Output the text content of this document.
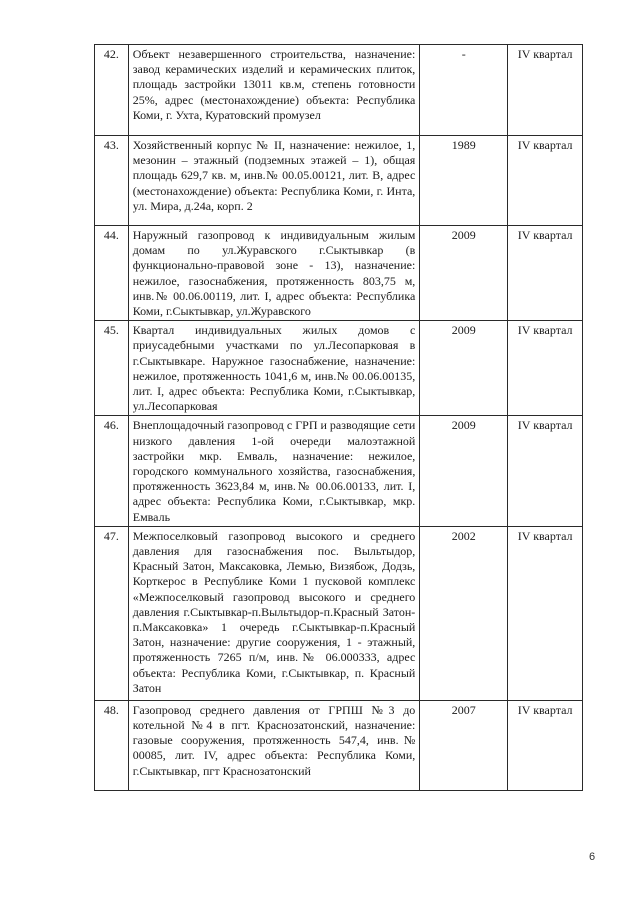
42.	Объект незавершенного строительства, назначение: завод керамических изделий и керамических плиток, площадь застройки 13011 кв.м, степень готовности 25%, адрес (местонахождение) объекта: Республика Коми, г. Ухта, Куратовский промузел	-	IV квартал
43.	Хозяйственный корпус № II, назначение: нежилое, 1, мезонин – этажный (подземных этажей – 1), общая площадь 629,7 кв. м, инв.№ 00.05.00121, лит. В, адрес (местонахождение) объекта: Республика Коми, г. Инта, ул. Мира, д.24а, корп. 2	1989	IV квартал
44.	Наружный газопровод к индивидуальным жилым домам по ул.Журавского г.Сыктывкар (в функционально-правовой зоне - 13), назначение: нежилое, газоснабжения, протяженность 803,75 м, инв.№ 00.06.00119, лит. I, адрес объекта: Республика Коми, г.Сыктывкар, ул.Журавского	2009	IV квартал
45.	Квартал индивидуальных жилых домов с приусадебными участками по ул.Лесопарковая в г.Сыктывкаре. Наружное газоснабжение, назначение: нежилое, протяженность 1041,6 м, инв.№ 00.06.00135, лит. I, адрес объекта: Республика Коми, г.Сыктывкар, ул.Лесопарковая	2009	IV квартал
46.	Внеплощадочный газопровод с ГРП и разводящие сети низкого давления 1-ой очереди малоэтажной застройки мкр. Емваль, назначение: нежилое, городского коммунального хозяйства, газоснабжения, протяженность 3623,84 м, инв.№ 00.06.00133, лит. I, адрес объекта: Республика Коми, г.Сыктывкар, мкр. Емваль	2009	IV квартал
47.	Межпоселковый газопровод высокого и среднего давления для газоснабжения пос. Выльтыдор, Красный Затон, Максаковка, Лемью, Визябож, Додзь, Корткерос в Республике Коми 1 пусковой комплекс «Межпоселковый газопровод высокого и среднего давления г.Сыктывкар-п.Выльтыдор-п.Красный Затон-п.Максаковка» 1 очередь г.Сыктывкар-п.Красный Затон, назначение: другие сооружения, 1 - этажный, протяженность 7265 п/м, инв.№ 06.000333, адрес объекта: Республика Коми, г.Сыктывкар, п. Красный Затон	2002	IV квартал
48.	Газопровод среднего давления от ГРПШ №3 до котельной №4 в пгт. Краснозатонский, назначение: газовые сооружения, протяженность 547,4, инв.№ 00085, лит. IV, адрес объекта: Республика Коми, г.Сыктывкар, пгт Краснозатонский	2007	IV квартал
6
